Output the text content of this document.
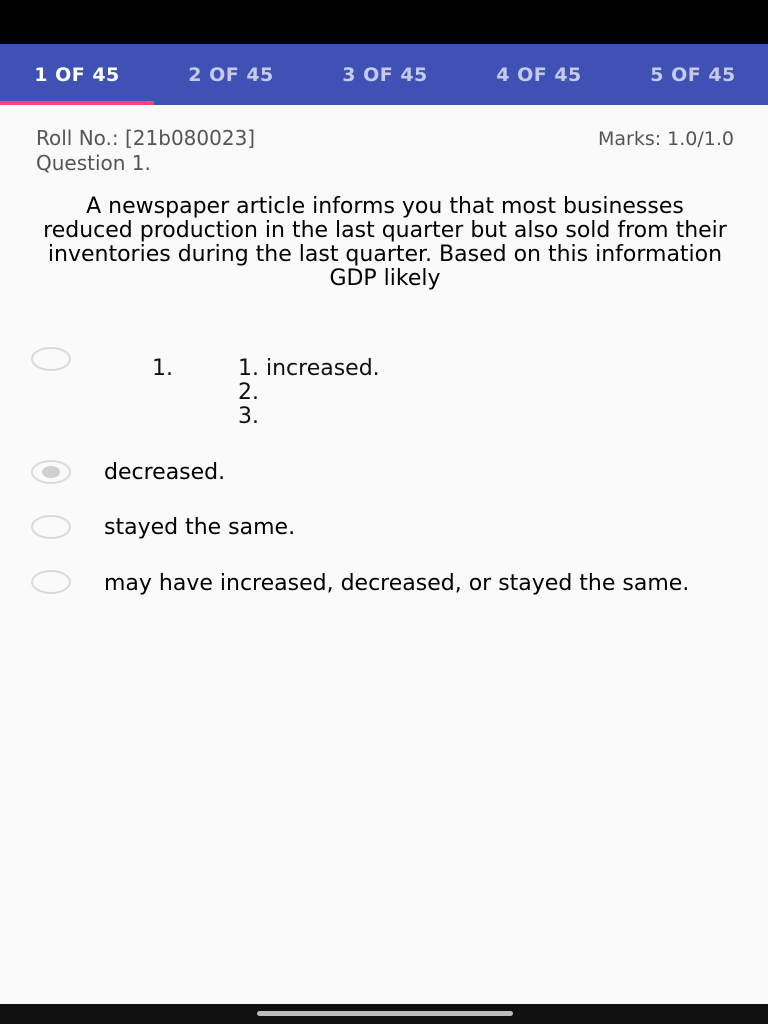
1 OF 45	2 OF 45	3 OF 45	4 OF 45	5 OF 45
Roll No.: [21b080023]	Marks: 1.0/1.0
Question 1.
A newspaper article informs you that most businesses reduced production in the last quarter but also sold from their inventories during the last quarter. Based on this information GDP likely
1.	1. increased.
2.
3.
decreased.
stayed the same.
may have increased, decreased, or stayed the same.
